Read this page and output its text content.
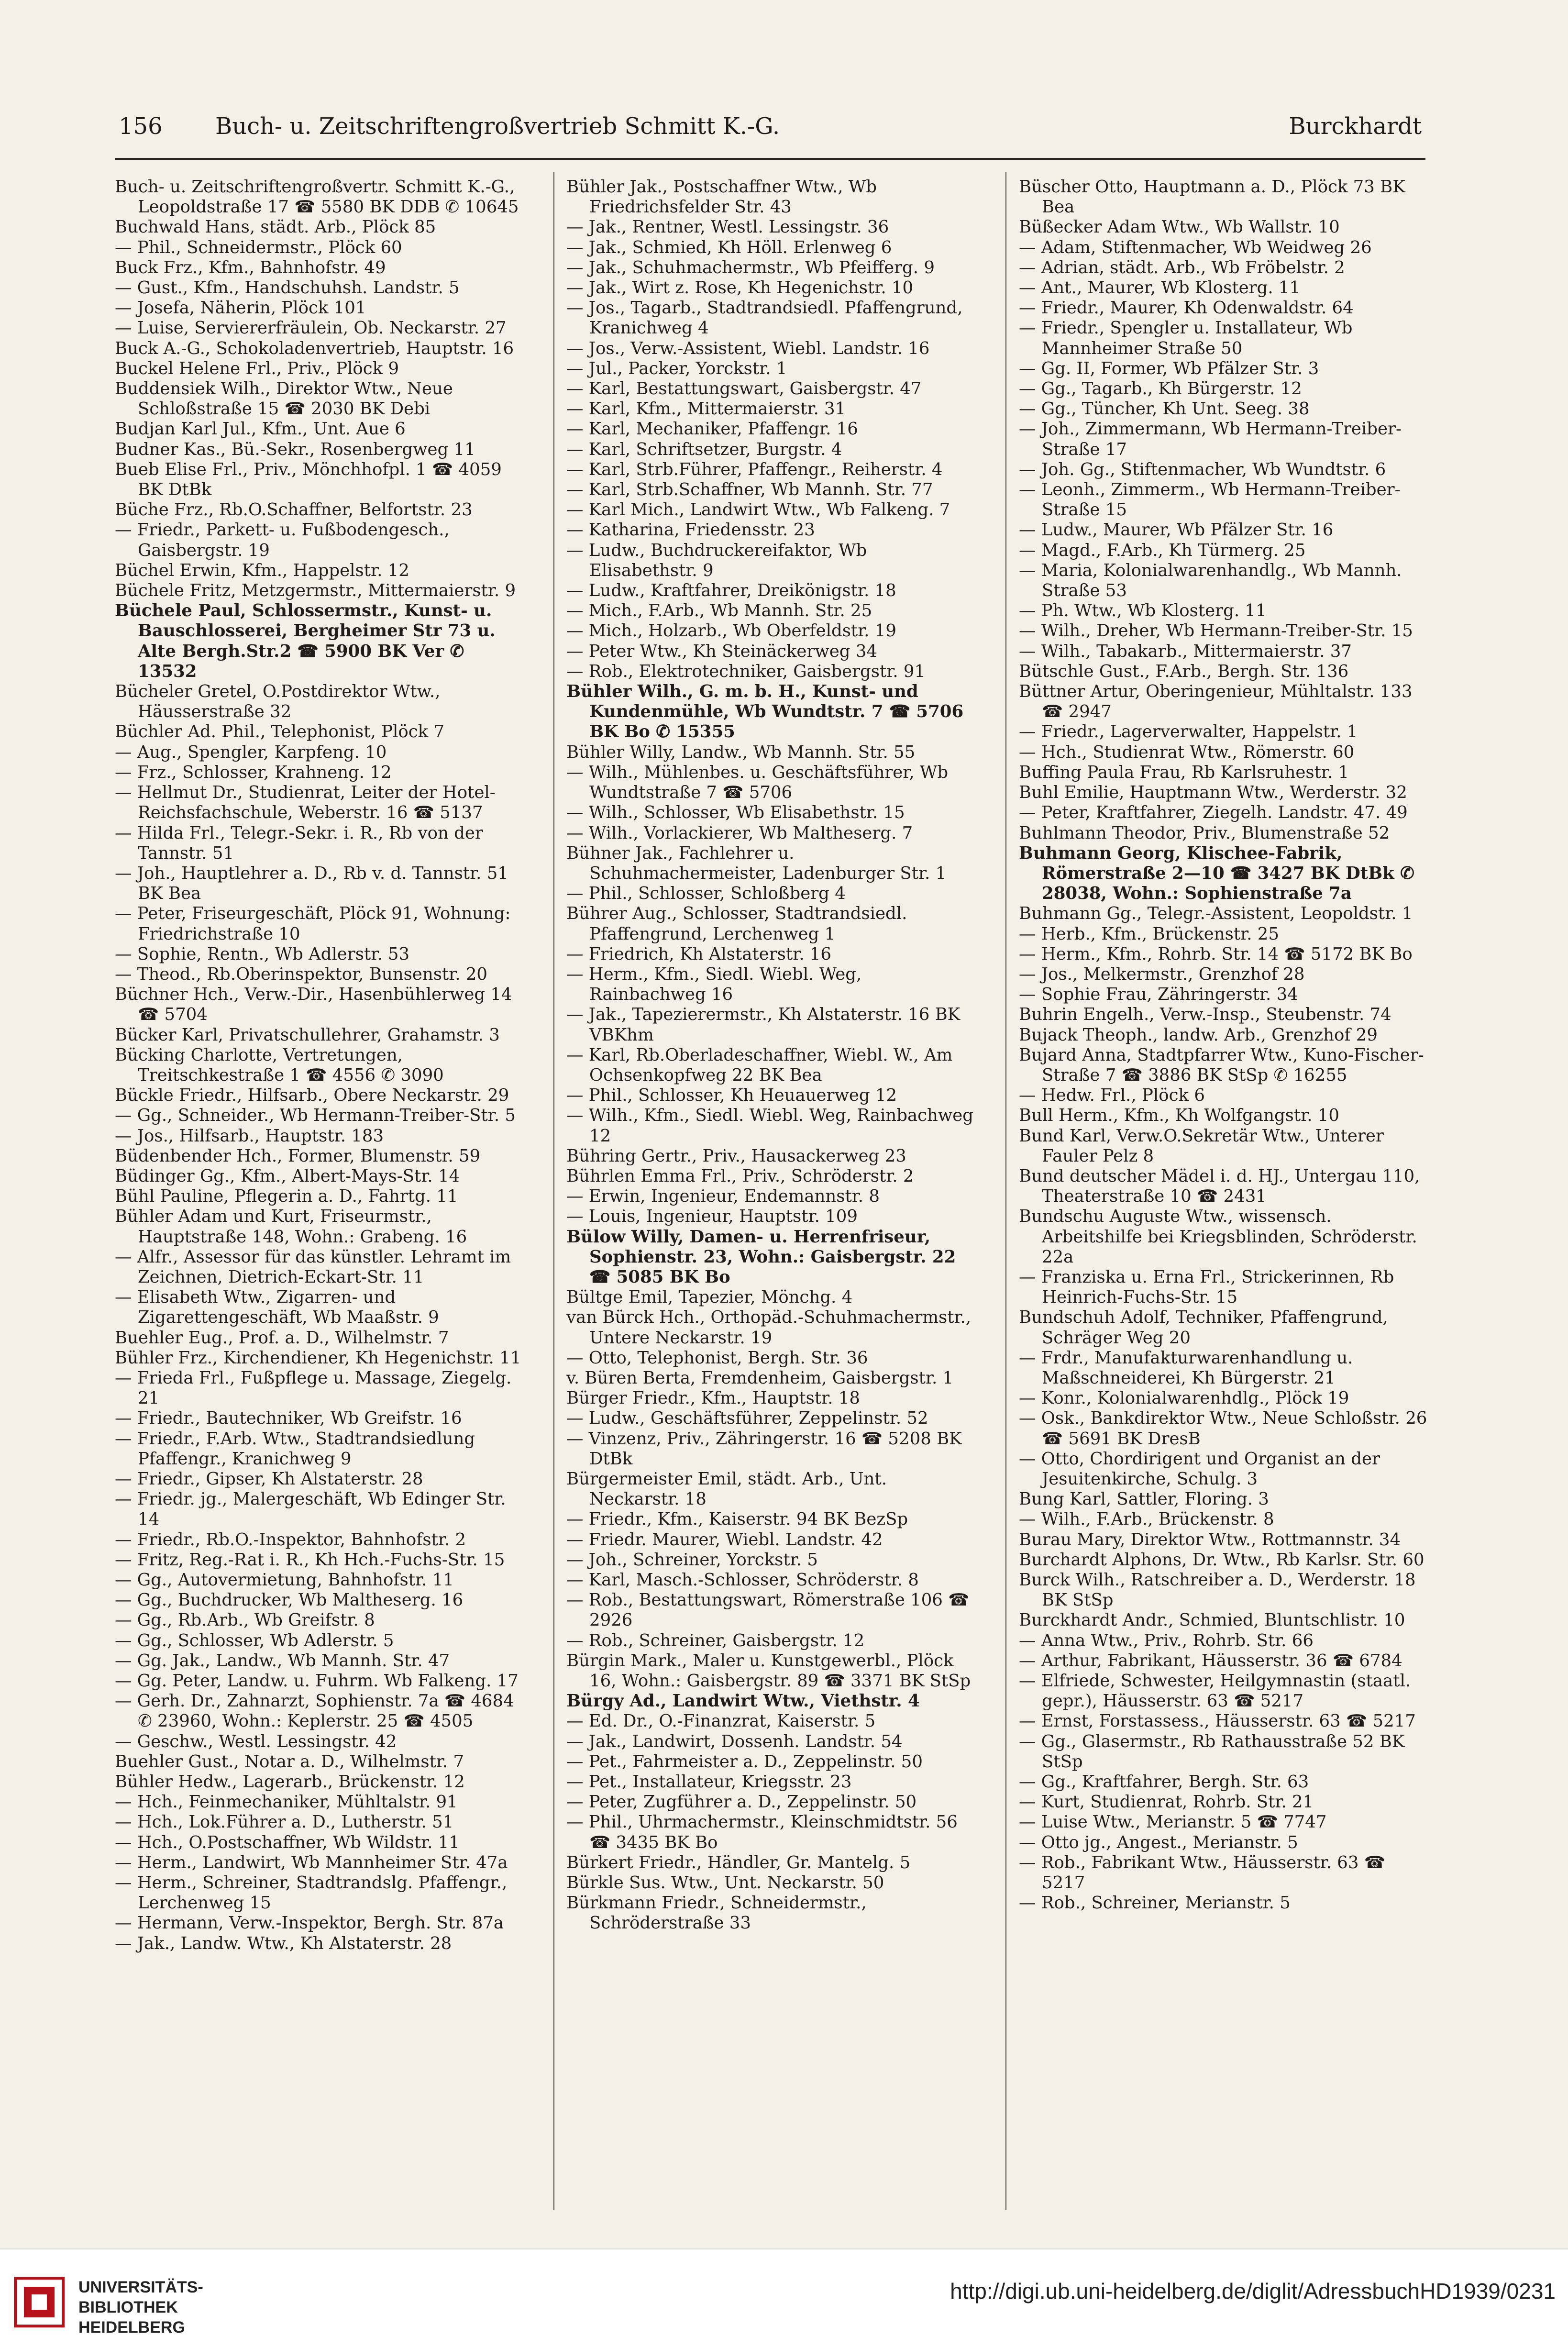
156 Buch- u. Zeitschriftengroßvertrieb Schmitt K.-G.	Burckhardt

Buch- u. Zeitschriftengroßvertr. Schmitt K.-G., Leopoldstraße 17 ☎ 5580 BK DDB ✆ 10645

Buchwald Hans, städt. Arb., Plöck 85

— Phil., Schneidermstr., Plöck 60

Buck Frz., Kfm., Bahnhofstr. 49

— Gust., Kfm., Handschuhsh. Landstr. 5

— Josefa, Näherin, Plöck 101

— Luise, Serviererfräulein, Ob. Neckarstr. 27

Buck A.-G., Schokoladenvertrieb, Hauptstr. 16

Buckel Helene Frl., Priv., Plöck 9

Buddensiek Wilh., Direktor Wtw., Neue Schloßstraße 15 ☎ 2030 BK Debi

Budjan Karl Jul., Kfm., Unt. Aue 6

Budner Kas., Bü.-Sekr., Rosenbergweg 11

Bueb Elise Frl., Priv., Mönchhofpl. 1 ☎ 4059 BK DtBk

Büche Frz., Rb.O.Schaffner, Belfortstr. 23

— Friedr., Parkett- u. Fußbodengesch., Gaisbergstr. 19

Büchel Erwin, Kfm., Happelstr. 12

Büchele Fritz, Metzgermstr., Mittermaierstr. 9

Büchele Paul, Schlossermstr., Kunst- u. Bauschlosserei, Bergheimer Str 73 u. Alte Bergh.Str.2 ☎ 5900 BK Ver ✆ 13532

Bücheler Gretel, O.Postdirektor Wtw., Häusserstraße 32

Büchler Ad. Phil., Telephonist, Plöck 7

— Aug., Spengler, Karpfeng. 10

— Frz., Schlosser, Krahneng. 12

— Hellmut Dr., Studienrat, Leiter der Hotel-Reichsfachschule, Weberstr. 16 ☎ 5137

— Hilda Frl., Telegr.-Sekr. i. R., Rb von der Tannstr. 51

— Joh., Hauptlehrer a. D., Rb v. d. Tannstr. 51 BK Bea

— Peter, Friseurgeschäft, Plöck 91, Wohnung: Friedrichstraße 10

— Sophie, Rentn., Wb Adlerstr. 53

— Theod., Rb.Oberinspektor, Bunsenstr. 20

Büchner Hch., Verw.-Dir., Hasenbühlerweg 14 ☎ 5704

Bücker Karl, Privatschullehrer, Grahamstr. 3

Bücking Charlotte, Vertretungen, Treitschkestraße 1 ☎ 4556 ✆ 3090

Bückle Friedr., Hilfsarb., Obere Neckarstr. 29

— Gg., Schneider., Wb Hermann-Treiber-Str. 5

— Jos., Hilfsarb., Hauptstr. 183

Büdenbender Hch., Former, Blumenstr. 59

Büdinger Gg., Kfm., Albert-Mays-Str. 14

Bühl Pauline, Pflegerin a. D., Fahrtg. 11

Bühler Adam und Kurt, Friseurmstr., Hauptstraße 148, Wohn.: Grabeng. 16

— Alfr., Assessor für das künstler. Lehramt im Zeichnen, Dietrich-Eckart-Str. 11

— Elisabeth Wtw., Zigarren- und Zigarettengeschäft, Wb Maaßstr. 9

Buehler Eug., Prof. a. D., Wilhelmstr. 7

Bühler Frz., Kirchendiener, Kh Hegenichstr. 11

— Frieda Frl., Fußpflege u. Massage, Ziegelg. 21

— Friedr., Bautechniker, Wb Greifstr. 16

— Friedr., F.Arb. Wtw., Stadtrandsiedlung Pfaffengr., Kranichweg 9

— Friedr., Gipser, Kh Alstaterstr. 28

— Friedr. jg., Malergeschäft, Wb Edinger Str. 14

— Friedr., Rb.O.-Inspektor, Bahnhofstr. 2

— Fritz, Reg.-Rat i. R., Kh Hch.-Fuchs-Str. 15

— Gg., Autovermietung, Bahnhofstr. 11

— Gg., Buchdrucker, Wb Maltheserg. 16

— Gg., Rb.Arb., Wb Greifstr. 8

— Gg., Schlosser, Wb Adlerstr. 5

— Gg. Jak., Landw., Wb Mannh. Str. 47

— Gg. Peter, Landw. u. Fuhrm. Wb Falkeng. 17

— Gerh. Dr., Zahnarzt, Sophienstr. 7a ☎ 4684 ✆ 23960, Wohn.: Keplerstr. 25 ☎ 4505

— Geschw., Westl. Lessingstr. 42

Buehler Gust., Notar a. D., Wilhelmstr. 7

Bühler Hedw., Lagerarb., Brückenstr. 12

— Hch., Feinmechaniker, Mühltalstr. 91

— Hch., Lok.Führer a. D., Lutherstr. 51

— Hch., O.Postschaffner, Wb Wildstr. 11

— Herm., Landwirt, Wb Mannheimer Str. 47a

— Herm., Schreiner, Stadtrandslg. Pfaffengr., Lerchenweg 15

— Hermann, Verw.-Inspektor, Bergh. Str. 87a

— Jak., Landw. Wtw., Kh Alstaterstr. 28

Bühler Jak., Postschaffner Wtw., Wb Friedrichsfelder Str. 43

— Jak., Rentner, Westl. Lessingstr. 36

— Jak., Schmied, Kh Höll. Erlenweg 6

— Jak., Schuhmachermstr., Wb Pfeifferg. 9

— Jak., Wirt z. Rose, Kh Hegenichstr. 10

— Jos., Tagarb., Stadtrandsiedl. Pfaffengrund, Kranichweg 4

— Jos., Verw.-Assistent, Wiebl. Landstr. 16

— Jul., Packer, Yorckstr. 1

— Karl, Bestattungswart, Gaisbergstr. 47

— Karl, Kfm., Mittermaierstr. 31

— Karl, Mechaniker, Pfaffengr. 16

— Karl, Schriftsetzer, Burgstr. 4

— Karl, Strb.Führer, Pfaffengr., Reiherstr. 4

— Karl, Strb.Schaffner, Wb Mannh. Str. 77

— Karl Mich., Landwirt Wtw., Wb Falkeng. 7

— Katharina, Friedensstr. 23

— Ludw., Buchdruckereifaktor, Wb Elisabethstr. 9

— Ludw., Kraftfahrer, Dreikönigstr. 18

— Mich., F.Arb., Wb Mannh. Str. 25

— Mich., Holzarb., Wb Oberfeldstr. 19

— Peter Wtw., Kh Steinäckerweg 34

— Rob., Elektrotechniker, Gaisbergstr. 91

Bühler Wilh., G. m. b. H., Kunst- und Kundenmühle, Wb Wundtstr. 7 ☎ 5706 BK Bo ✆ 15355

Bühler Willy, Landw., Wb Mannh. Str. 55

— Wilh., Mühlenbes. u. Geschäftsführer, Wb Wundtstraße 7 ☎ 5706

— Wilh., Schlosser, Wb Elisabethstr. 15

— Wilh., Vorlackierer, Wb Maltheserg. 7

Bühner Jak., Fachlehrer u. Schuhmachermeister, Ladenburger Str. 1

— Phil., Schlosser, Schloßberg 4

Bührer Aug., Schlosser, Stadtrandsiedl. Pfaffengrund, Lerchenweg 1

— Friedrich, Kh Alstaterstr. 16

— Herm., Kfm., Siedl. Wiebl. Weg, Rainbachweg 16

— Jak., Tapezierermstr., Kh Alstaterstr. 16 BK VBKhm

— Karl, Rb.Oberladeschaffner, Wiebl. W., Am Ochsenkopfweg 22 BK Bea

— Phil., Schlosser, Kh Heuauerweg 12

— Wilh., Kfm., Siedl. Wiebl. Weg, Rainbachweg 12

Bühring Gertr., Priv., Hausackerweg 23

Bührlen Emma Frl., Priv., Schröderstr. 2

— Erwin, Ingenieur, Endemannstr. 8

— Louis, Ingenieur, Hauptstr. 109

Bülow Willy, Damen- u. Herrenfriseur, Sophienstr. 23, Wohn.: Gaisbergstr. 22 ☎ 5085 BK Bo

Bültge Emil, Tapezier, Mönchg. 4

van Bürck Hch., Orthopäd.-Schuhmachermstr., Untere Neckarstr. 19

— Otto, Telephonist, Bergh. Str. 36

v. Büren Berta, Fremdenheim, Gaisbergstr. 1

Bürger Friedr., Kfm., Hauptstr. 18

— Ludw., Geschäftsführer, Zeppelinstr. 52

— Vinzenz, Priv., Zähringerstr. 16 ☎ 5208 BK DtBk

Bürgermeister Emil, städt. Arb., Unt. Neckarstr. 18

— Friedr., Kfm., Kaiserstr. 94 BK BezSp

— Friedr. Maurer, Wiebl. Landstr. 42

— Joh., Schreiner, Yorckstr. 5

— Karl, Masch.-Schlosser, Schröderstr. 8

— Rob., Bestattungswart, Römerstraße 106 ☎ 2926

— Rob., Schreiner, Gaisbergstr. 12

Bürgin Mark., Maler u. Kunstgewerbl., Plöck 16, Wohn.: Gaisbergstr. 89 ☎ 3371 BK StSp

Bürgy Ad., Landwirt Wtw., Viethstr. 4

— Ed. Dr., O.-Finanzrat, Kaiserstr. 5

— Jak., Landwirt, Dossenh. Landstr. 54

— Pet., Fahrmeister a. D., Zeppelinstr. 50

— Pet., Installateur, Kriegsstr. 23

— Peter, Zugführer a. D., Zeppelinstr. 50

— Phil., Uhrmachermstr., Kleinschmidtstr. 56 ☎ 3435 BK Bo

Bürkert Friedr., Händler, Gr. Mantelg. 5

Bürkle Sus. Wtw., Unt. Neckarstr. 50

Bürkmann Friedr., Schneidermstr., Schröderstraße 33

Büscher Otto, Hauptmann a. D., Plöck 73 BK Bea

Büßecker Adam Wtw., Wb Wallstr. 10

— Adam, Stiftenmacher, Wb Weidweg 26

— Adrian, städt. Arb., Wb Fröbelstr. 2

— Ant., Maurer, Wb Klosterg. 11

— Friedr., Maurer, Kh Odenwaldstr. 64

— Friedr., Spengler u. Installateur, Wb Mannheimer Straße 50

— Gg. II, Former, Wb Pfälzer Str. 3

— Gg., Tagarb., Kh Bürgerstr. 12

— Gg., Tüncher, Kh Unt. Seeg. 38

— Joh., Zimmermann, Wb Hermann-Treiber-Straße 17

— Joh. Gg., Stiftenmacher, Wb Wundtstr. 6

— Leonh., Zimmerm., Wb Hermann-Treiber-Straße 15

— Ludw., Maurer, Wb Pfälzer Str. 16

— Magd., F.Arb., Kh Türmerg. 25

— Maria, Kolonialwarenhandlg., Wb Mannh. Straße 53

— Ph. Wtw., Wb Klosterg. 11

— Wilh., Dreher, Wb Hermann-Treiber-Str. 15

— Wilh., Tabakarb., Mittermaierstr. 37

Bütschle Gust., F.Arb., Bergh. Str. 136

Büttner Artur, Oberingenieur, Mühltalstr. 133 ☎ 2947

— Friedr., Lagerverwalter, Happelstr. 1

— Hch., Studienrat Wtw., Römerstr. 60

Buffing Paula Frau, Rb Karlsruhestr. 1

Buhl Emilie, Hauptmann Wtw., Werderstr. 32

— Peter, Kraftfahrer, Ziegelh. Landstr. 47. 49

Buhlmann Theodor, Priv., Blumenstraße 52

Buhmann Georg, Klischee-Fabrik, Römerstraße 2—10 ☎ 3427 BK DtBk ✆ 28038, Wohn.: Sophienstraße 7a

Buhmann Gg., Telegr.-Assistent, Leopoldstr. 1

— Herb., Kfm., Brückenstr. 25

— Herm., Kfm., Rohrb. Str. 14 ☎ 5172 BK Bo

— Jos., Melkermstr., Grenzhof 28

— Sophie Frau, Zähringerstr. 34

Buhrin Engelh., Verw.-Insp., Steubenstr. 74

Bujack Theoph., landw. Arb., Grenzhof 29

Bujard Anna, Stadtpfarrer Wtw., Kuno-Fischer-Straße 7 ☎ 3886 BK StSp ✆ 16255

— Hedw. Frl., Plöck 6

Bull Herm., Kfm., Kh Wolfgangstr. 10

Bund Karl, Verw.O.Sekretär Wtw., Unterer Fauler Pelz 8

Bund deutscher Mädel i. d. HJ., Untergau 110, Theaterstraße 10 ☎ 2431

Bundschu Auguste Wtw., wissensch. Arbeitshilfe bei Kriegsblinden, Schröderstr. 22a

— Franziska u. Erna Frl., Strickerinnen, Rb Heinrich-Fuchs-Str. 15

Bundschuh Adolf, Techniker, Pfaffengrund, Schräger Weg 20

— Frdr., Manufakturwarenhandlung u. Maßschneiderei, Kh Bürgerstr. 21

— Konr., Kolonialwarenhdlg., Plöck 19

— Osk., Bankdirektor Wtw., Neue Schloßstr. 26 ☎ 5691 BK DresB

— Otto, Chordirigent und Organist an der Jesuitenkirche, Schulg. 3

Bung Karl, Sattler, Floring. 3

— Wilh., F.Arb., Brückenstr. 8

Burau Mary, Direktor Wtw., Rottmannstr. 34

Burchardt Alphons, Dr. Wtw., Rb Karlsr. Str. 60

Burck Wilh., Ratschreiber a. D., Werderstr. 18 BK StSp

Burckhardt Andr., Schmied, Bluntschlistr. 10

— Anna Wtw., Priv., Rohrb. Str. 66

— Arthur, Fabrikant, Häusserstr. 36 ☎ 6784

— Elfriede, Schwester, Heilgymnastin (staatl. gepr.), Häusserstr. 63 ☎ 5217

— Ernst, Forstassess., Häusserstr. 63 ☎ 5217

— Gg., Glasermstr., Rb Rathausstraße 52 BK StSp

— Gg., Kraftfahrer, Bergh. Str. 63

— Kurt, Studienrat, Rohrb. Str. 21

— Luise Wtw., Merianstr. 5 ☎ 7747

— Otto jg., Angest., Merianstr. 5

— Rob., Fabrikant Wtw., Häusserstr. 63 ☎ 5217

— Rob., Schreiner, Merianstr. 5

UNIVERSITÄTS-
BIBLIOTHEK
HEIDELBERG
http://digi.ub.uni-heidelberg.de/diglit/AdressbuchHD1939/0231
